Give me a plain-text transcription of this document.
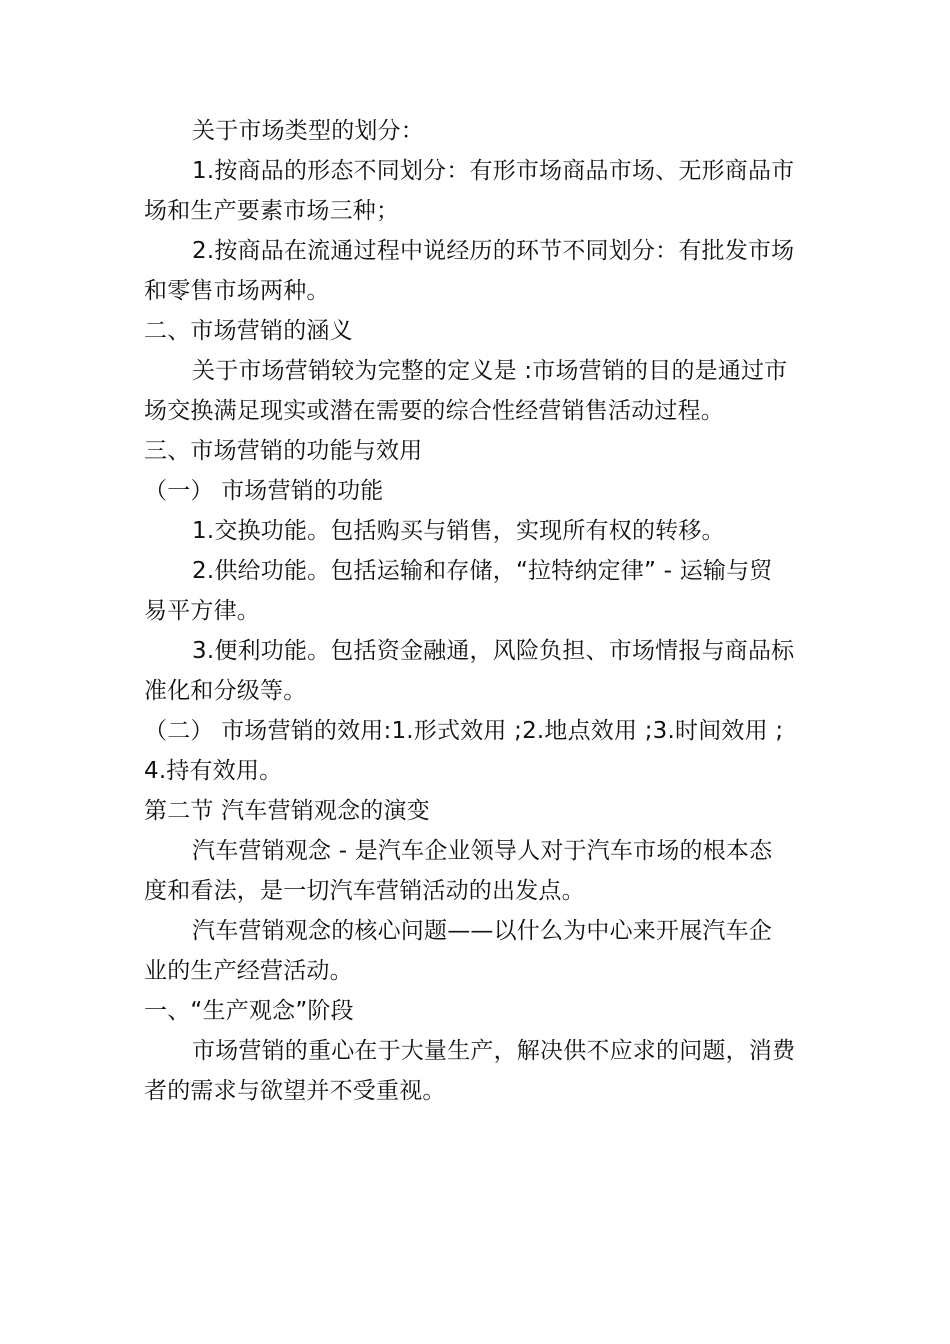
关于市场类型的划分：
1.按商品的形态不同划分：有形市场商品市场、无形商品市
场和生产要素市场三种；
2.按商品在流通过程中说经历的环节不同划分：有批发市场
和零售市场两种。
二、市场营销的涵义
关于市场营销较为完整的定义是 :市场营销的目的是通过市
场交换满足现实或潜在需要的综合性经营销售活动过程。
三、市场营销的功能与效用
（一） 市场营销的功能
1.交换功能。包括购买与销售，实现所有权的转移。
2.供给功能。包括运输和存储，“拉特纳定律” - 运输与贸
易平方律。
3.便利功能。包括资金融通，风险负担、市场情报与商品标
准化和分级等。
（二） 市场营销的效用:1.形式效用 ;2.地点效用 ;3.时间效用 ;
4.持有效用。
第二节 汽车营销观念的演变
汽车营销观念 - 是汽车企业领导人对于汽车市场的根本态
度和看法，是一切汽车营销活动的出发点。
汽车营销观念的核心问题——以什么为中心来开展汽车企
业的生产经营活动。
一、“生产观念”阶段
市场营销的重心在于大量生产，解决供不应求的问题，消费
者的需求与欲望并不受重视。
